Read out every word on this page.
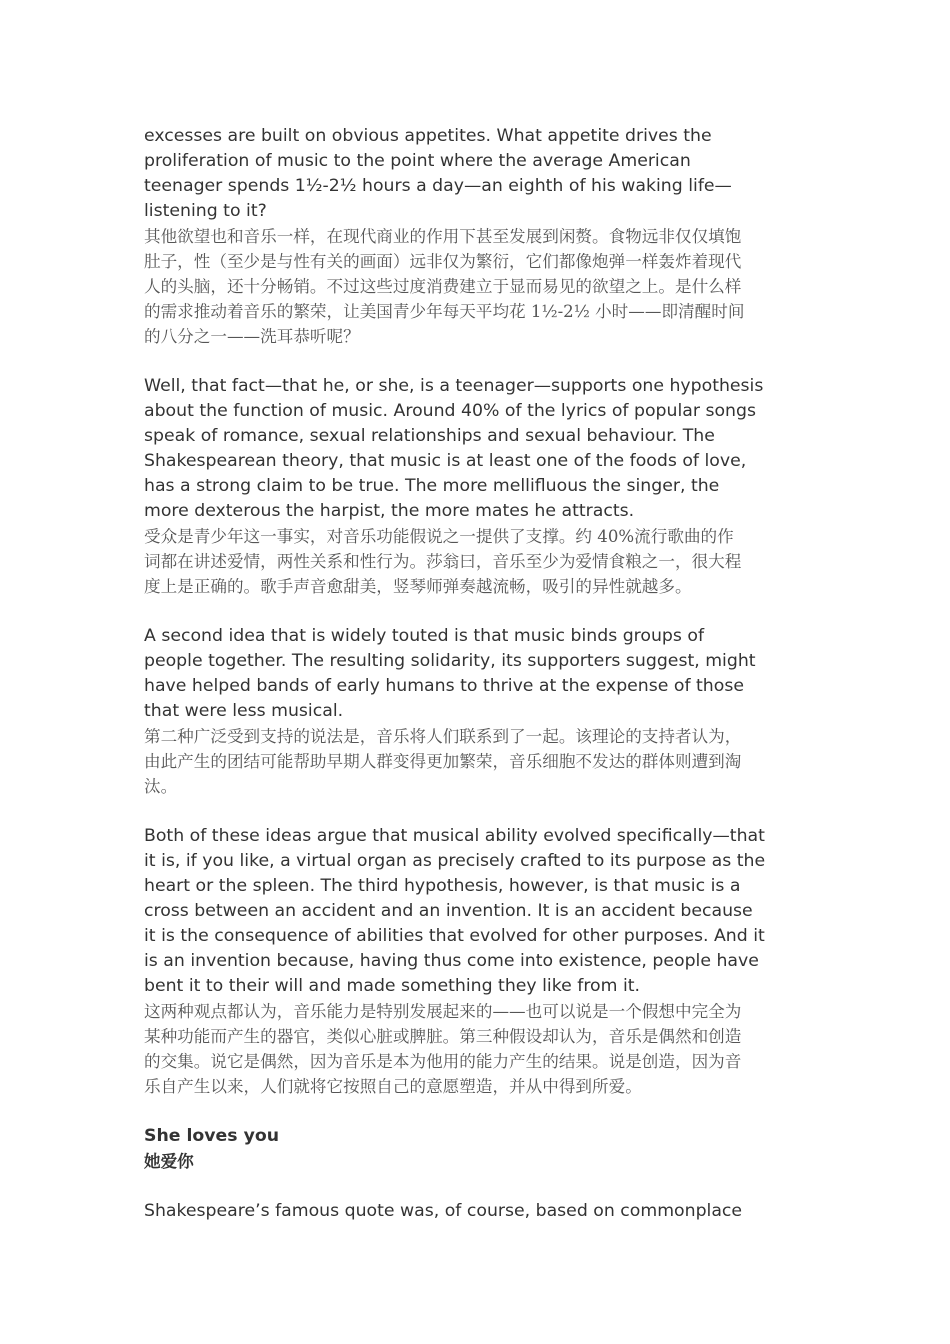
excesses are built on obvious appetites. What appetite drives the
proliferation of music to the point where the average American
teenager spends 1½-2½ hours a day—an eighth of his waking life—
listening to it?
其他欲望也和音乐一样，在现代商业的作用下甚至发展到闲赘。食物远非仅仅填饱
肚子，性（至少是与性有关的画面）远非仅为繁衍，它们都像炮弹一样轰炸着现代
人的头脑，还十分畅销。不过这些过度消费建立于显而易见的欲望之上。是什么样
的需求推动着音乐的繁荣，让美国青少年每天平均花 1½-2½ 小时——即清醒时间
的八分之一——洗耳恭听呢？
Well, that fact—that he, or she, is a teenager—supports one hypothesis
about the function of music. Around 40% of the lyrics of popular songs
speak of romance, sexual relationships and sexual behaviour. The
Shakespearean theory, that music is at least one of the foods of love,
has a strong claim to be true. The more mellifluous the singer, the
more dexterous the harpist, the more mates he attracts.
受众是青少年这一事实，对音乐功能假说之一提供了支撑。约 40%流行歌曲的作
词都在讲述爱情，两性关系和性行为。莎翁曰，音乐至少为爱情食粮之一，很大程
度上是正确的。歌手声音愈甜美，竖琴师弹奏越流畅，吸引的异性就越多。
A second idea that is widely touted is that music binds groups of
people together. The resulting solidarity, its supporters suggest, might
have helped bands of early humans to thrive at the expense of those
that were less musical.
第二种广泛受到支持的说法是，音乐将人们联系到了一起。该理论的支持者认为，
由此产生的团结可能帮助早期人群变得更加繁荣，音乐细胞不发达的群体则遭到淘
汰。
Both of these ideas argue that musical ability evolved specifically—that
it is, if you like, a virtual organ as precisely crafted to its purpose as the
heart or the spleen. The third hypothesis, however, is that music is a
cross between an accident and an invention. It is an accident because
it is the consequence of abilities that evolved for other purposes. And it
is an invention because, having thus come into existence, people have
bent it to their will and made something they like from it.
这两种观点都认为，音乐能力是特别发展起来的——也可以说是一个假想中完全为
某种功能而产生的器官，类似心脏或脾脏。第三种假设却认为，音乐是偶然和创造
的交集。说它是偶然，因为音乐是本为他用的能力产生的结果。说是创造，因为音
乐自产生以来，人们就将它按照自己的意愿塑造，并从中得到所爱。
She loves you
她爱你
Shakespeare’s famous quote was, of course, based on commonplace
